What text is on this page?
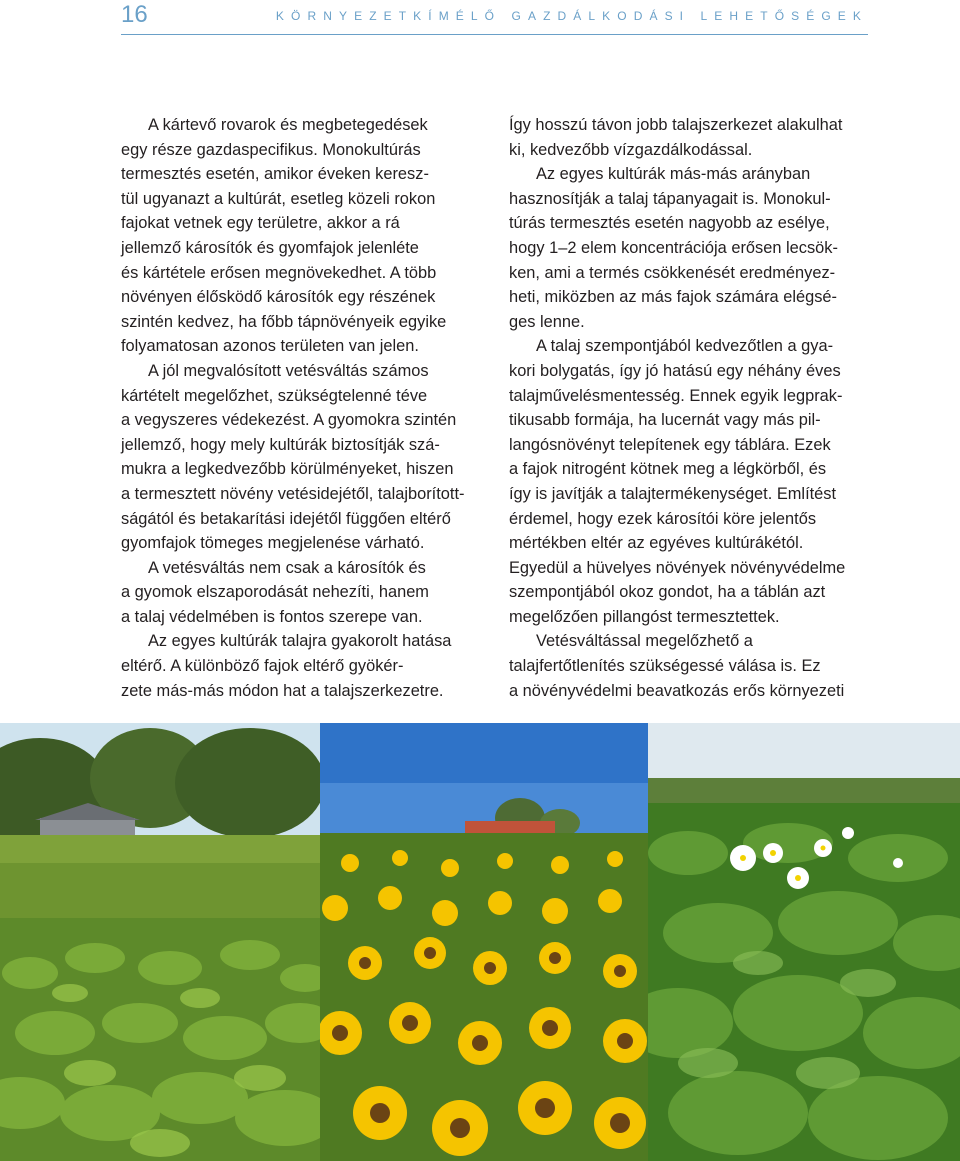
16	KÖRNYEZETKÍMÉLŐ GAZDÁLKODÁSI LEHETŐSÉGEK
A kártevő rovarok és megbetegedések
egy része gazdaspecifikus. Monokultúrás
termesztés esetén, amikor éveken keresz-
tül ugyanazt a kultúrát, esetleg közeli rokon
fajokat vetnek egy területre, akkor a rá
jellemző károsítók és gyomfajok jelenléte
és kártétele erősen megnövekedhet. A több
növényen élősködő károsítók egy részének
szintén kedvez, ha főbb tápnövényeik egyike
folyamatosan azonos területen van jelen.
A jól megvalósított vetésváltás számos
kártételt megelőzhet, szükségtelenné téve
a vegyszeres védekezést. A gyomokra szintén
jellemző, hogy mely kultúrák biztosítják szá-
mukra a legkedvezőbb körülményeket, hiszen
a termesztett növény vetésidejétől, talajborított-
ságától és betakarítási idejétől függően eltérő
gyomfajok tömeges megjelenése várható.
A vetésváltás nem csak a károsítók és
a gyomok elszaporodását nehezíti, hanem
a talaj védelmében is fontos szerepe van.
Az egyes kultúrák talajra gyakorolt hatása
eltérő. A különböző fajok eltérő gyökér-
zete más-más módon hat a talajszerkezetre.
Így hosszú távon jobb talajszerkezet alakulhat
ki, kedvezőbb vízgazdálkodással.
Az egyes kultúrák más-más arányban
hasznosítják a talaj tápanyagait is. Monokul-
túrás termesztés esetén nagyobb az esélye,
hogy 1–2 elem koncentrációja erősen lecsök-
ken, ami a termés csökkenését eredményez-
heti, miközben az más fajok számára elégsé-
ges lenne.
A talaj szempontjából kedvezőtlen a gya-
kori bolygatás, így jó hatású egy néhány éves
talajművelésmentesség. Ennek egyik legprak-
tikusabb formája, ha lucernát vagy más pil-
langósnövényt telepítenek egy táblára. Ezek
a fajok nitrogént kötnek meg a légkörből, és
így is javítják a talajtermékenységet. Említést
érdemel, hogy ezek károsítói köre jelentős
mértékben eltér az egyéves kultúrákétól.
Egyedül a hüvelyes növények növényvédelme
szempontjából okoz gondot, ha a táblán azt
megelőzően pillangóst termesztettek.
Vetésváltással megelőzhető a
talajfertőtlenítés szükségessé válása is. Ez
a növényvédelmi beavatkozás erős környezeti
